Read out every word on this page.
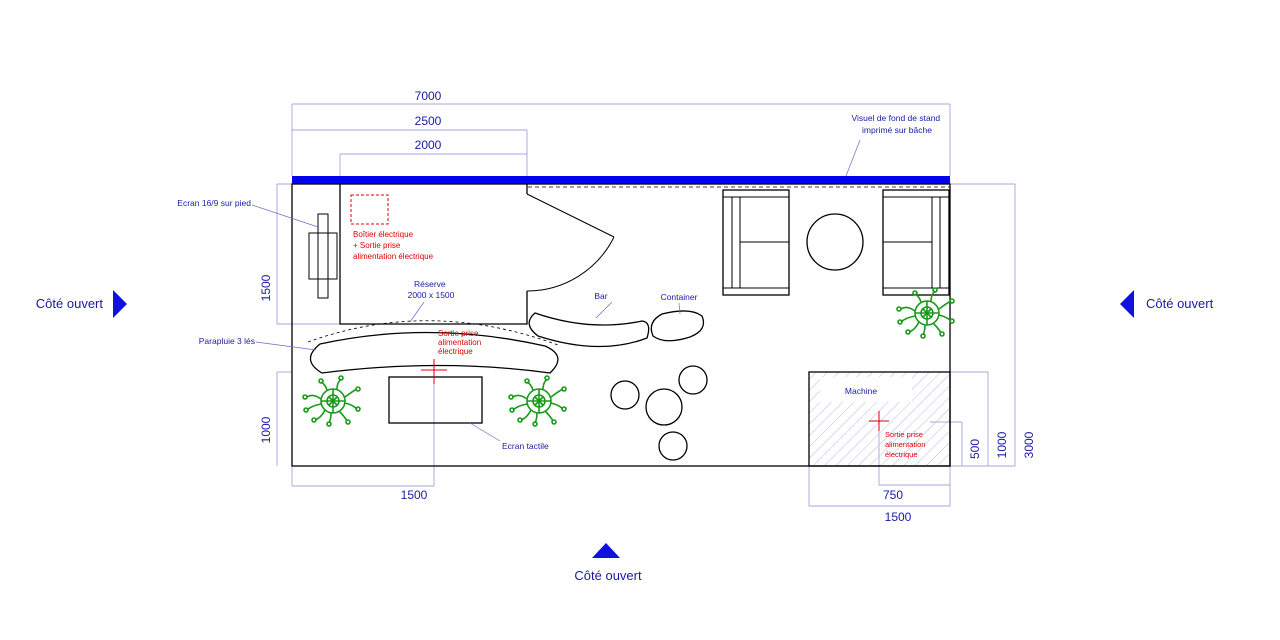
7000
2500
2000
1500
1000
1500
500 1000 3000
750
1500
Visuel de fond de stand imprimé sur bâche
Ecran 16/9 sur pied
Boîtier électrique + Sortie prise alimentation électrique
Réserve 2000 x 1500	Bar	Container
Parapluie 3 lés
Sortie prise alimentation électrique
Ecran tactile
Machine
Sortie prise alimentation électrique
Côté ouvert	Côté ouvert
Côté ouvert
